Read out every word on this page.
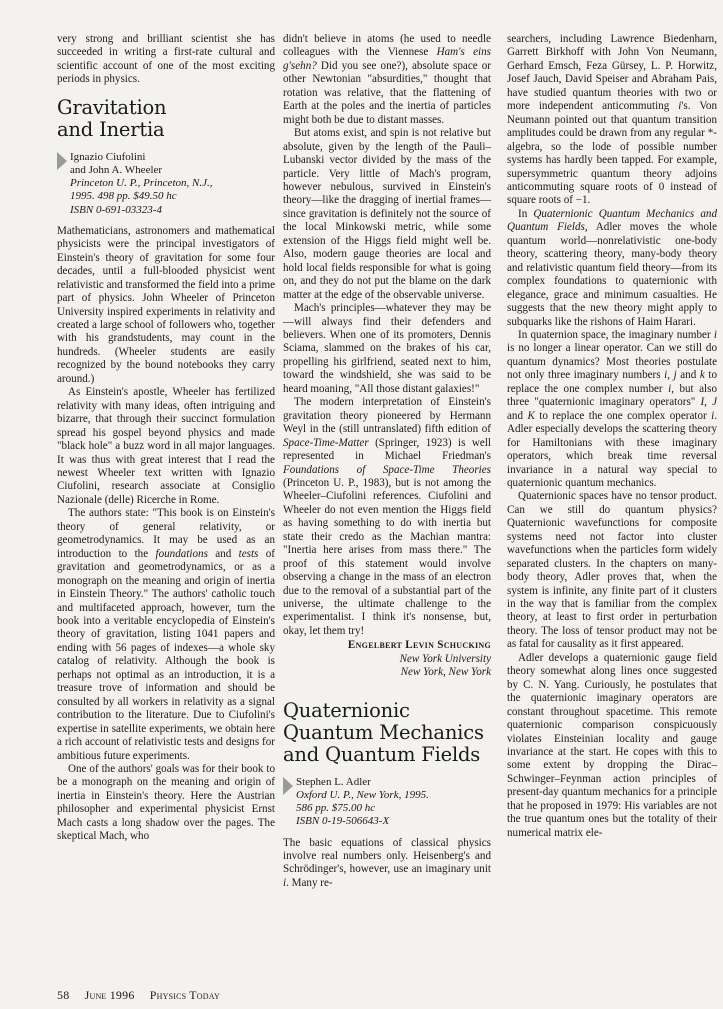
very strong and brilliant scientist she has succeeded in writing a first-rate cultural and scientific account of one of the most exciting periods in physics.

Gravitation
and Inertia
Ignazio Ciufolini
and John A. Wheeler
Princeton U. P., Princeton, N.J.,
1995. 498 pp. $49.50 hc
ISBN 0-691-03323-4

Mathematicians, astronomers and mathematical physicists were the principal investigators of Einstein's theory of gravitation for some four decades, until a full-blooded physicist went relativistic and transformed the field into a prime part of physics. John Wheeler of Princeton University inspired experiments in relativity and created a large school of followers who, together with his grandstudents, may count in the hundreds. (Wheeler students are easily recognized by the bound notebooks they carry around.)

As Einstein's apostle, Wheeler has fertilized relativity with many ideas, often intriguing and bizarre, that through their succinct formulation spread his gospel beyond physics and made "black hole" a buzz word in all major languages. It was thus with great interest that I read the newest Wheeler text written with Ignazio Ciufolini, research associate at Consiglio Nazionale (delle) Ricerche in Rome.

The authors state: "This book is on Einstein's theory of general relativity, or geometrodynamics. It may be used as an introduction to the foundations and tests of gravitation and geometrodynamics, or as a monograph on the meaning and origin of inertia in Einstein Theory." The authors' catholic touch and multifaceted approach, however, turn the book into a veritable encyclopedia of Einstein's theory of gravitation, listing 1041 papers and ending with 56 pages of indexes—a whole sky catalog of relativity. Although the book is perhaps not optimal as an introduction, it is a treasure trove of information and should be consulted by all workers in relativity as a signal contribution to the literature. Due to Ciufolini's expertise in satellite experiments, we obtain here a rich account of relativistic tests and designs for ambitious future experiments.

One of the authors' goals was for their book to be a monograph on the meaning and origin of inertia in Einstein's theory. Here the Austrian philosopher and experimental physicist Ernst Mach casts a long shadow over the pages. The skeptical Mach, who

didn't believe in atoms (he used to needle colleagues with the Viennese Ham's eins g'sehn? Did you see one?), absolute space or other Newtonian "absurdities," thought that rotation was relative, that the flattening of Earth at the poles and the inertia of particles might both be due to distant masses.

But atoms exist, and spin is not relative but absolute, given by the length of the Pauli–Lubanski vector divided by the mass of the particle. Very little of Mach's program, however nebulous, survived in Einstein's theory—like the dragging of inertial frames—since gravitation is definitely not the source of the local Minkowski metric, while some extension of the Higgs field might well be. Also, modern gauge theories are local and hold local fields responsible for what is going on, and they do not put the blame on the dark matter at the edge of the observable universe.

Mach's principles—whatever they may be—will always find their defenders and believers. When one of its promoters, Dennis Sciama, slammed on the brakes of his car, propelling his girlfriend, seated next to him, toward the windshield, she was said to be heard moaning, "All those distant galaxies!"

The modern interpretation of Einstein's gravitation theory pioneered by Hermann Weyl in the (still untranslated) fifth edition of Space-Time-Matter (Springer, 1923) is well represented in Michael Friedman's Foundations of Space-Time Theories (Princeton U. P., 1983), but is not among the Wheeler–Ciufolini references. Ciufolini and Wheeler do not even mention the Higgs field as having something to do with inertia but state their credo as the Machian mantra: "Inertia here arises from mass there." The proof of this statement would involve observing a change in the mass of an electron due to the removal of a substantial part of the universe, the ultimate challenge to the experimentalist. I think it's nonsense, but, okay, let them try!

Engelbert Levin Schucking
New York University
New York, New York
Quaternionic
Quantum Mechanics
and Quantum Fields
Stephen L. Adler
Oxford U. P., New York, 1995.
586 pp. $75.00 hc
ISBN 0-19-506643-X

The basic equations of classical physics involve real numbers only. Heisenberg's and Schrödinger's, however, use an imaginary unit i. Many re-

searchers, including Lawrence Biedenharn, Garrett Birkhoff with John Von Neumann, Gerhard Emsch, Feza Gürsey, L. P. Horwitz, Josef Jauch, David Speiser and Abraham Pais, have studied quantum theories with two or more independent anticommuting i's. Von Neumann pointed out that quantum transition amplitudes could be drawn from any regular *-algebra, so the lode of possible number systems has hardly been tapped. For example, supersymmetric quantum theory adjoins anticommuting square roots of 0 instead of square roots of −1.

In Quaternionic Quantum Mechanics and Quantum Fields, Adler moves the whole quantum world—nonrelativistic one-body theory, scattering theory, many-body theory and relativistic quantum field theory—from its complex foundations to quaternionic with elegance, grace and minimum casualties. He suggests that the new theory might apply to subquarks like the rishons of Haim Harari.

In quaternion space, the imaginary number i is no longer a linear operator. Can we still do quantum dynamics? Most theories postulate not only three imaginary numbers i, j and k to replace the one complex number i, but also three "quaternionic imaginary operators" I, J and K to replace the one complex operator i. Adler especially develops the scattering theory for Hamiltonians with these imaginary operators, which break time reversal invariance in a natural way special to quaternionic quantum mechanics.

Quaternionic spaces have no tensor product. Can we still do quantum physics? Quaternionic wavefunctions for composite systems need not factor into cluster wavefunctions when the particles form widely separated clusters. In the chapters on many-body theory, Adler proves that, when the system is infinite, any finite part of it clusters in the way that is familiar from the complex theory, at least to first order in perturbation theory. The loss of tensor product may not be as fatal for causality as it first appeared.

Adler develops a quaternionic gauge field theory somewhat along lines once suggested by C. N. Yang. Curiously, he postulates that the quaternionic imaginary operators are constant throughout spacetime. This remote quaternionic comparison conspicuously violates Einsteinian locality and gauge invariance at the start. He copes with this to some extent by dropping the Dirac–Schwinger–Feynman action principles of present-day quantum mechanics for a principle that he proposed in 1979: His variables are not the true quantum ones but the totality of their numerical matrix ele-

58 June 1996 Physics Today
